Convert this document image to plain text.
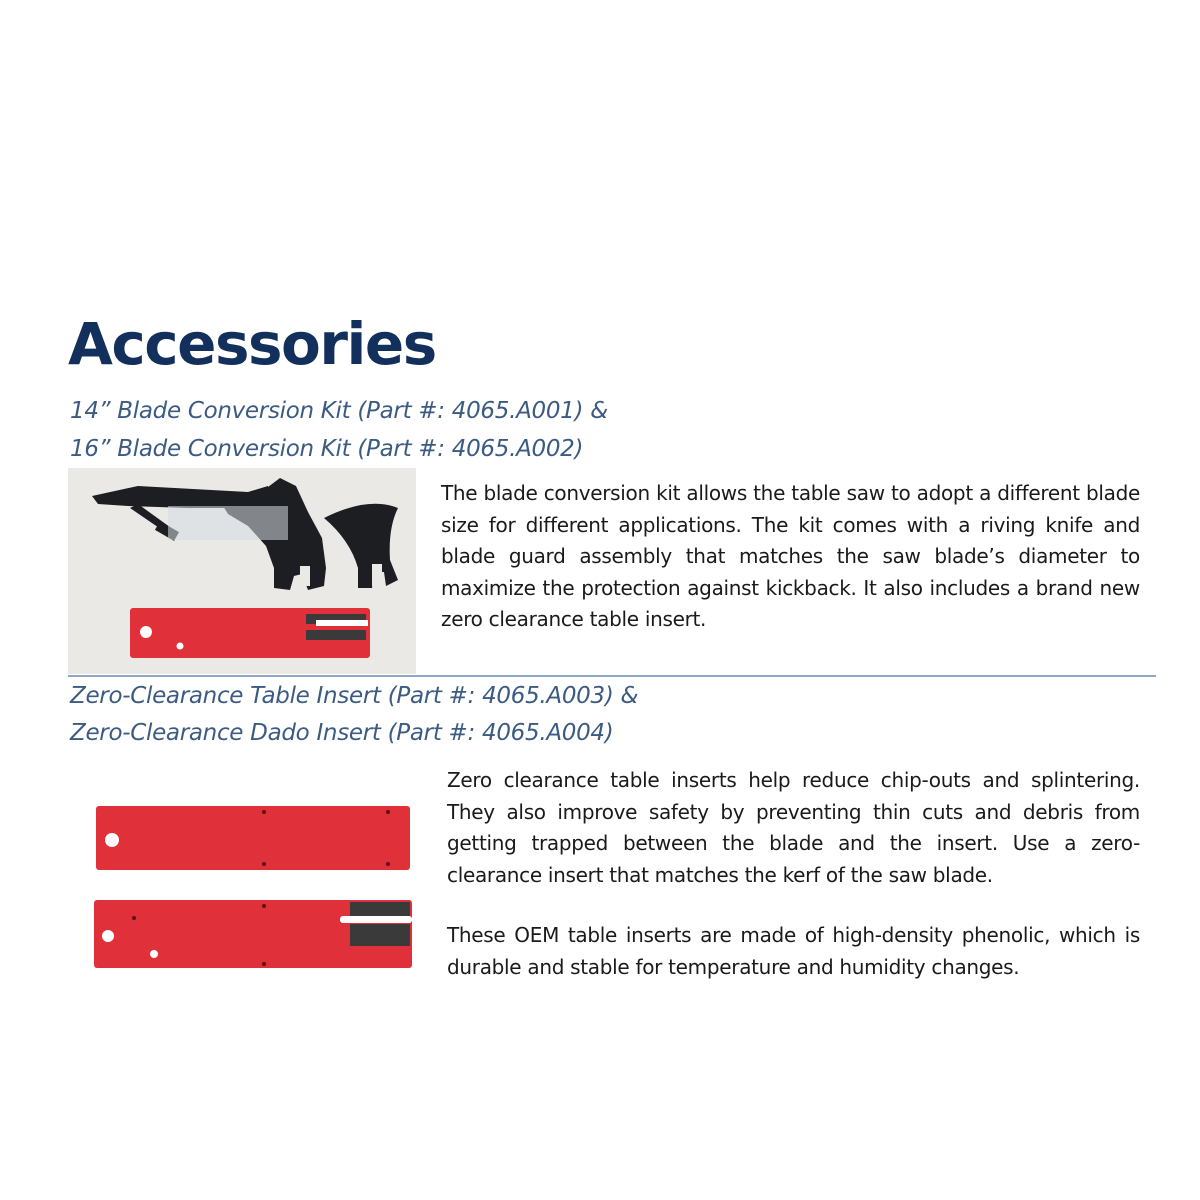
Accessories

14” Blade Conversion Kit (Part #: 4065.A001) &

16” Blade Conversion Kit (Part #: 4065.A002)

The blade conversion kit allows the table saw to adopt a different blade size for different applications. The kit comes with a riving knife and blade guard assembly that matches the saw blade’s diameter to maximize the protection against kickback. It also includes a brand new zero clearance table insert.

Zero-Clearance Table Insert (Part #: 4065.A003) &

Zero-Clearance Dado Insert (Part #: 4065.A004)

Zero clearance table inserts help reduce chip-outs and splintering. They also improve safety by preventing thin cuts and debris from getting trapped between the blade and the insert. Use a zero-clearance insert that matches the kerf of the saw blade.

These OEM table inserts are made of high-density phenolic, which is durable and stable for temperature and humidity changes.
